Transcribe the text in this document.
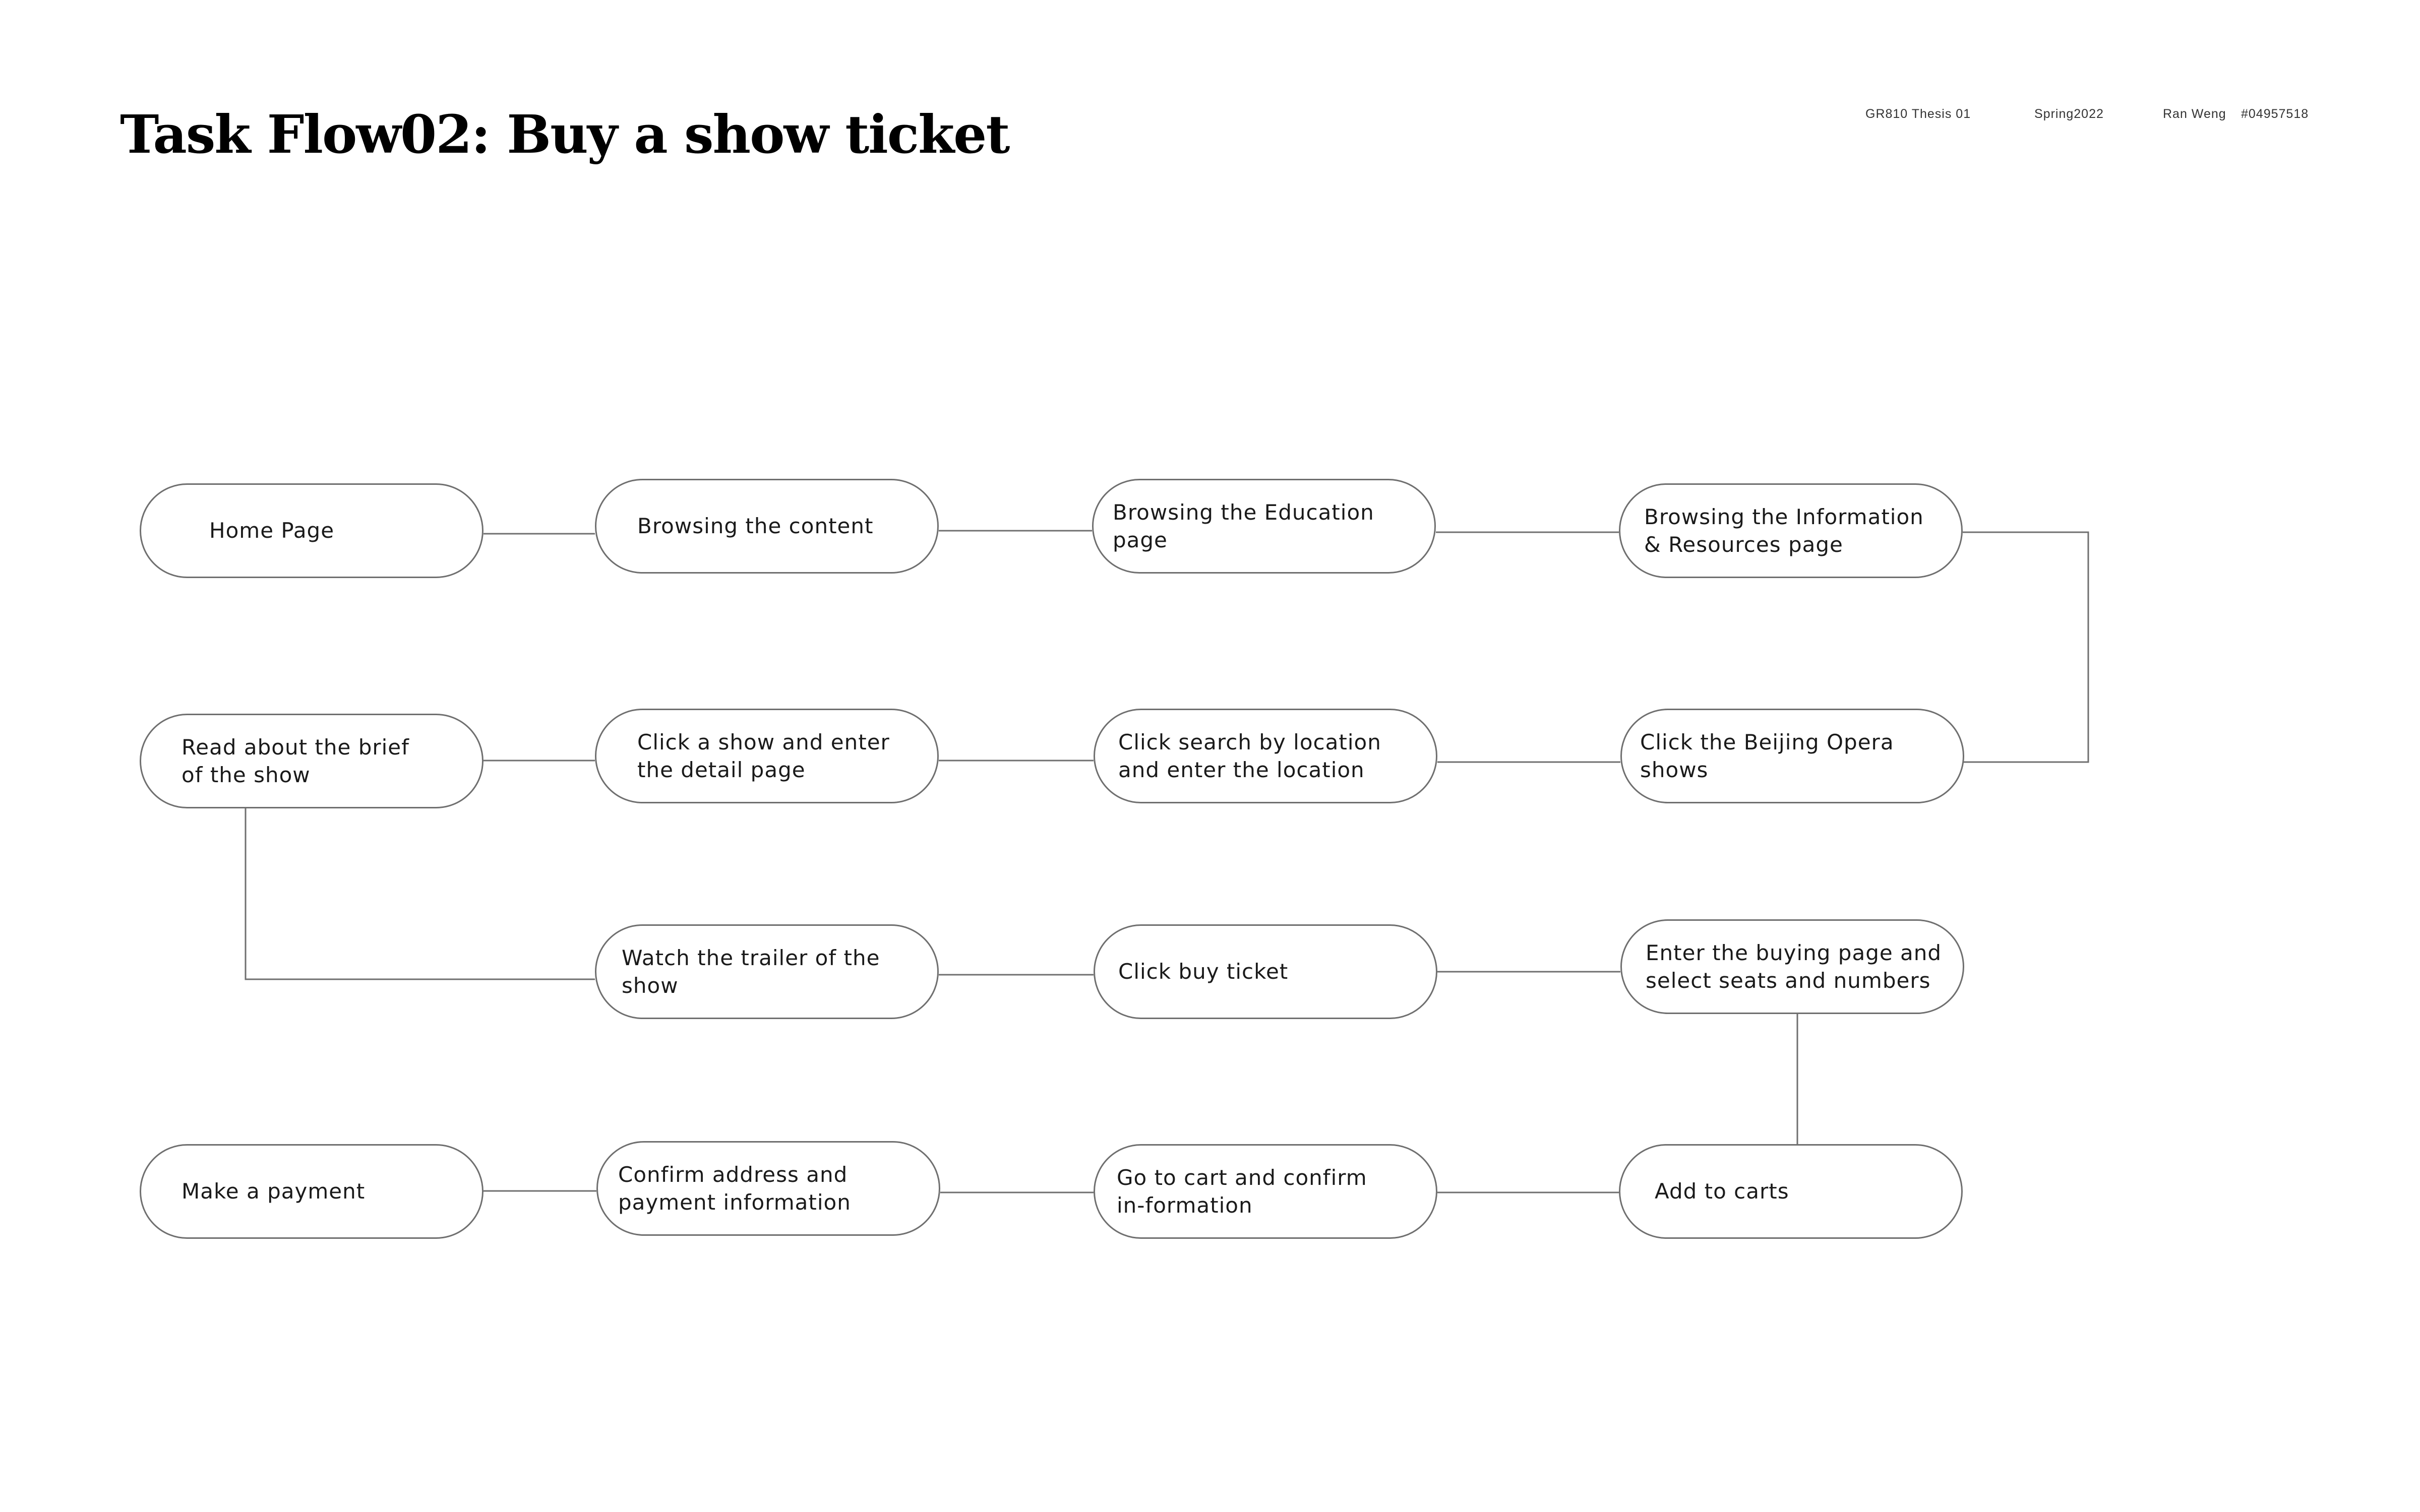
Task Flow02: Buy a show ticket	GR810 Thesis 01	Spring2022	Ran Weng #04957518
Home Page	Browsing the content
Browsing the Education page
Browsing the Information & Resources page
Read about the brief of the show
Click a show and enter the detail page
Click search by location and enter the location
Click the Beijing Opera shows
Watch the trailer of the show
Click buy ticket
Enter the buying page and select seats and numbers
Make a payment
Confirm address and payment information
Go to cart and confirm in-formation
Add to carts
